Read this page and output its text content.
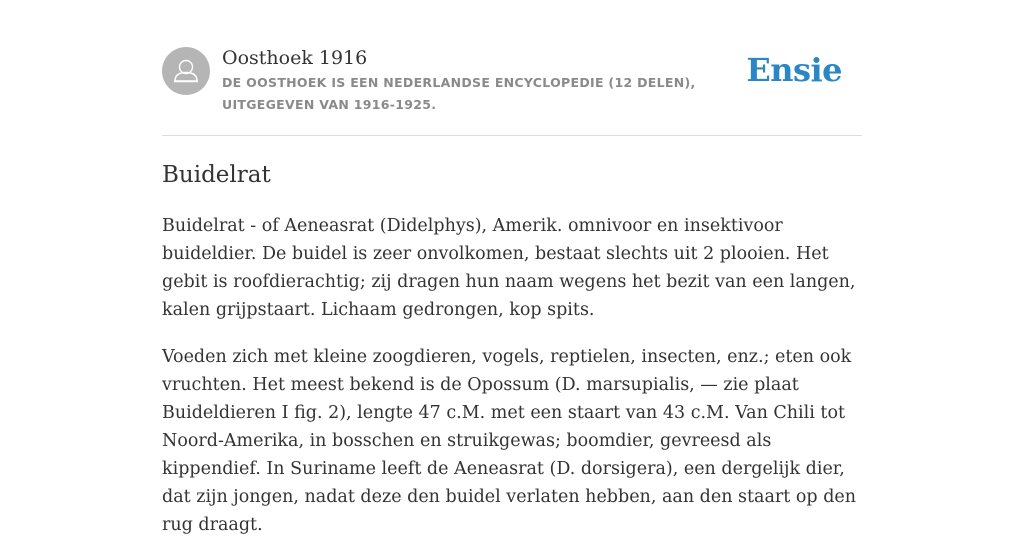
Oosthoek 1916
DE OOSTHOEK IS EEN NEDERLANDSE ENCYCLOPEDIE (12 DELEN), UITGEGEVEN VAN 1916-1925.
Ensie
Buidelrat

Buidelrat - of Aeneasrat (Didelphys), Amerik. omnivoor en insektivoor buideldier. De buidel is zeer onvolkomen, bestaat slechts uit 2 plooien. Het gebit is roofdierachtig; zij dragen hun naam wegens het bezit van een langen, kalen grijpstaart. Lichaam gedrongen, kop spits.

Voeden zich met kleine zoogdieren, vogels, reptielen, insecten, enz.; eten ook vruchten. Het meest bekend is de Opossum (D. marsupialis, — zie plaat Buideldieren I fig. 2), lengte 47 c.M. met een staart van 43 c.M. Van Chili tot Noord-Amerika, in bosschen en struikgewas; boomdier, gevreesd als kippendief. In Suriname leeft de Aeneasrat (D. dorsigera), een dergelijk dier, dat zijn jongen, nadat deze den buidel verlaten hebben, aan den staart op den rug draagt.
